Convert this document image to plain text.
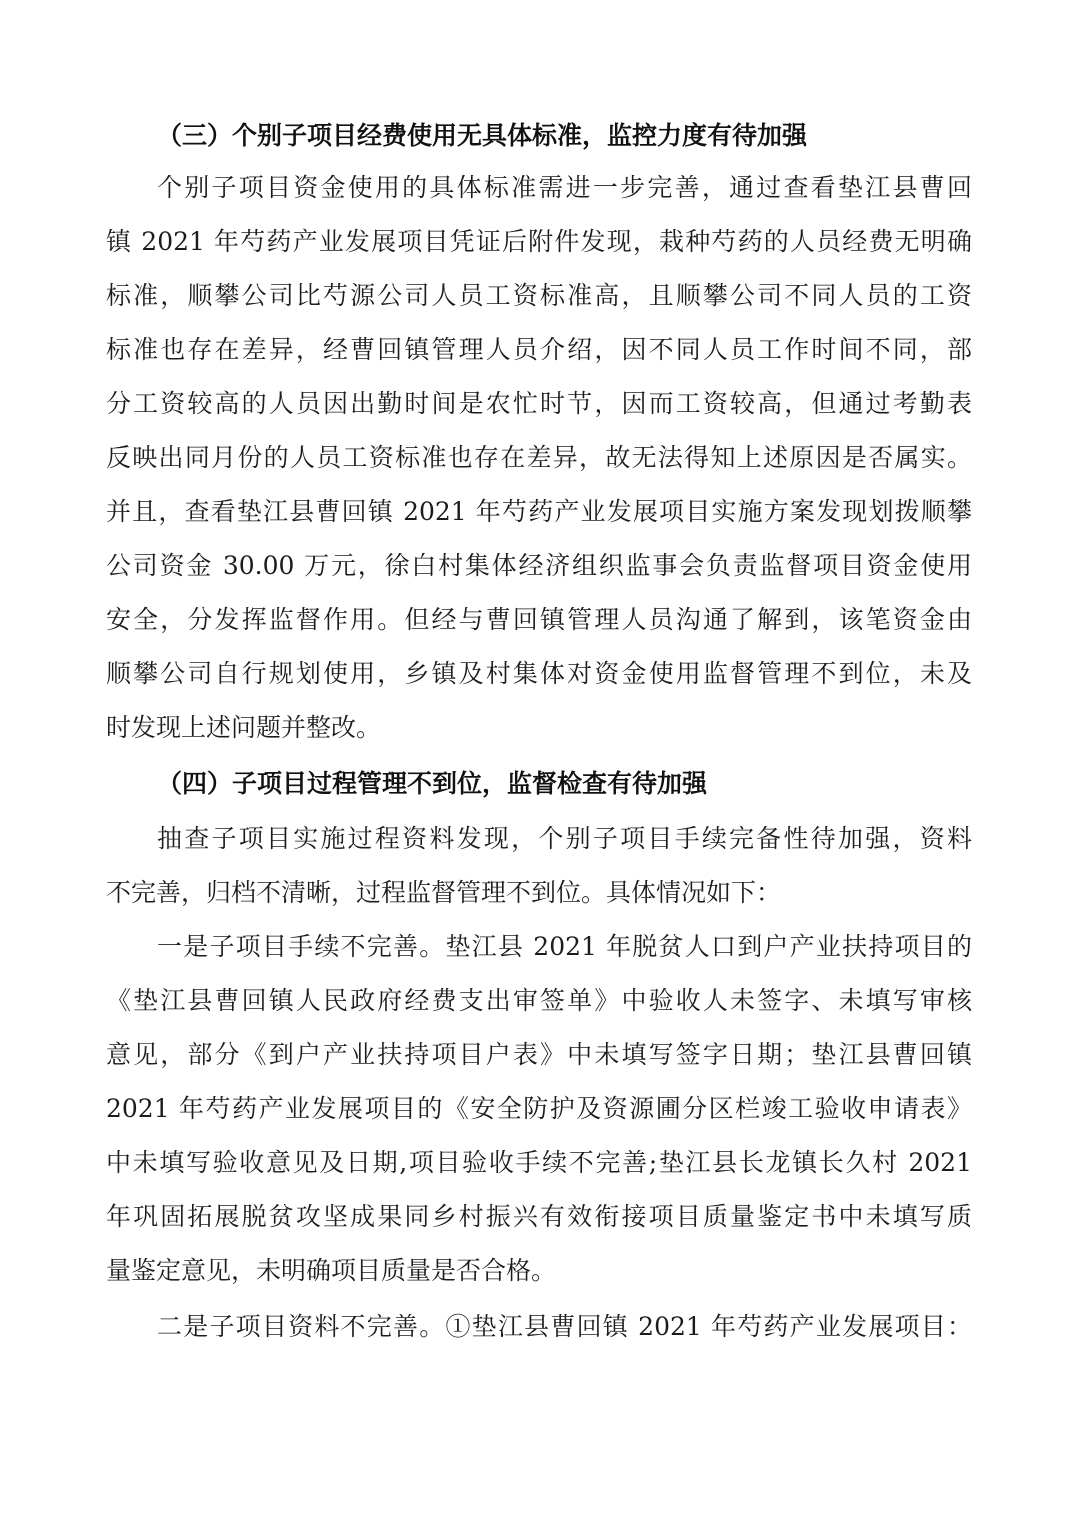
（三）个别子项目经费使用无具体标准，监控力度有待加强
个别子项目资金使用的具体标准需进一步完善，通过查看垫江县曹回
镇 2021 年芍药产业发展项目凭证后附件发现，栽种芍药的人员经费无明确
标准，顺攀公司比芍源公司人员工资标准高，且顺攀公司不同人员的工资
标准也存在差异，经曹回镇管理人员介绍，因不同人员工作时间不同，部
分工资较高的人员因出勤时间是农忙时节，因而工资较高，但通过考勤表
反映出同月份的人员工资标准也存在差异，故无法得知上述原因是否属实。
并且，查看垫江县曹回镇 2021 年芍药产业发展项目实施方案发现划拨顺攀
公司资金 30.00 万元，徐白村集体经济组织监事会负责监督项目资金使用
安全，分发挥监督作用。但经与曹回镇管理人员沟通了解到，该笔资金由
顺攀公司自行规划使用，乡镇及村集体对资金使用监督管理不到位，未及
时发现上述问题并整改。
（四）子项目过程管理不到位，监督检查有待加强
抽查子项目实施过程资料发现，个别子项目手续完备性待加强，资料
不完善，归档不清晰，过程监督管理不到位。具体情况如下：
一是子项目手续不完善。垫江县 2021 年脱贫人口到户产业扶持项目的
《垫江县曹回镇人民政府经费支出审签单》中验收人未签字、未填写审核
意见，部分《到户产业扶持项目户表》中未填写签字日期；垫江县曹回镇
2021 年芍药产业发展项目的《安全防护及资源圃分区栏竣工验收申请表》
中未填写验收意见及日期,项目验收手续不完善;垫江县长龙镇长久村 2021
年巩固拓展脱贫攻坚成果同乡村振兴有效衔接项目质量鉴定书中未填写质
量鉴定意见，未明确项目质量是否合格。
二是子项目资料不完善。①垫江县曹回镇 2021 年芍药产业发展项目：
